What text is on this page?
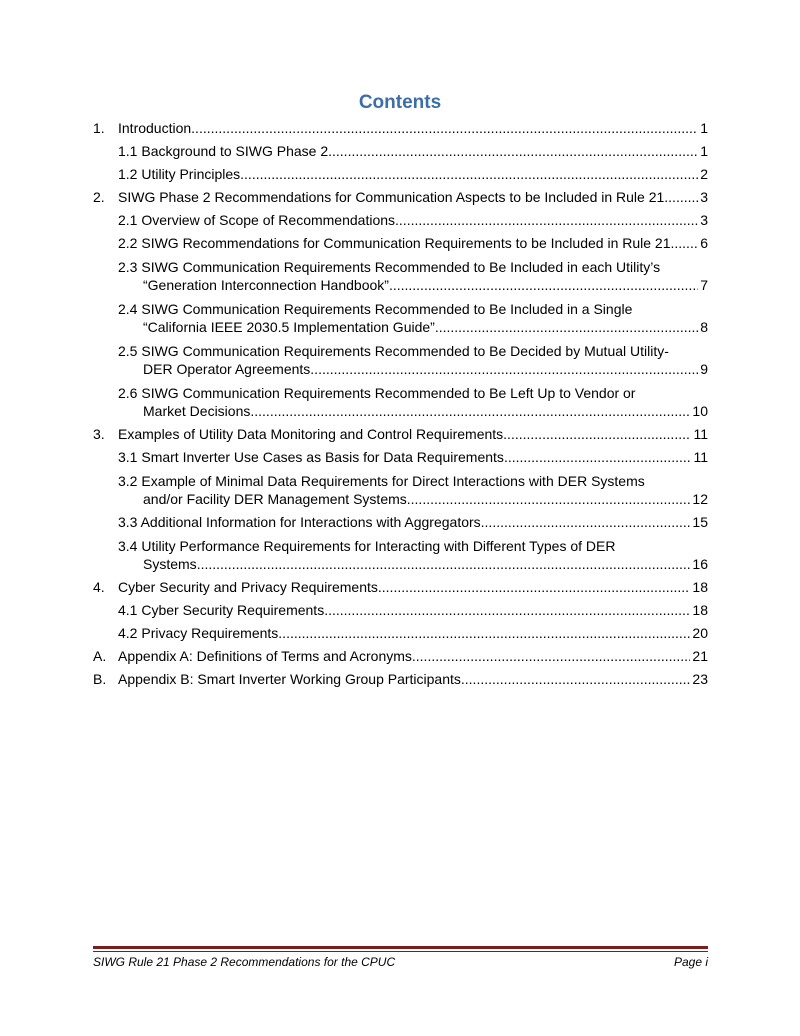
Contents
1. Introduction .....	1
1.1 Background to SIWG Phase 2 .....	1
1.2 Utility Principles .....	2
2. SIWG Phase 2 Recommendations for Communication Aspects to be Included in Rule 21 .....	3
2.1 Overview of Scope of Recommendations .....	3
2.2 SIWG Recommendations for Communication Requirements to be Included in Rule 21 ..... 6
2.3 SIWG Communication Requirements Recommended to Be Included in each Utility’s
“Generation Interconnection Handbook” .....	7
2.4 SIWG Communication Requirements Recommended to Be Included in a Single
“California IEEE 2030.5 Implementation Guide” .....	8
2.5 SIWG Communication Requirements Recommended to Be Decided by Mutual Utility-
DER Operator Agreements .....	9
2.6 SIWG Communication Requirements Recommended to Be Left Up to Vendor or
Market Decisions .....	10
3. Examples of Utility Data Monitoring and Control Requirements .....	11
3.1 Smart Inverter Use Cases as Basis for Data Requirements .....	11
3.2 Example of Minimal Data Requirements for Direct Interactions with DER Systems
and/or Facility DER Management Systems .....	12
3.3 Additional Information for Interactions with Aggregators .....	15
3.4 Utility Performance Requirements for Interacting with Different Types of DER
Systems .....	16
4. Cyber Security and Privacy Requirements .....	18
4.1 Cyber Security Requirements .....	18
4.2 Privacy Requirements .....	20
A. Appendix A: Definitions of Terms and Acronyms .....	21
B. Appendix B: Smart Inverter Working Group Participants .....	23
SIWG Rule 21 Phase 2 Recommendations for the CPUC	Page i
